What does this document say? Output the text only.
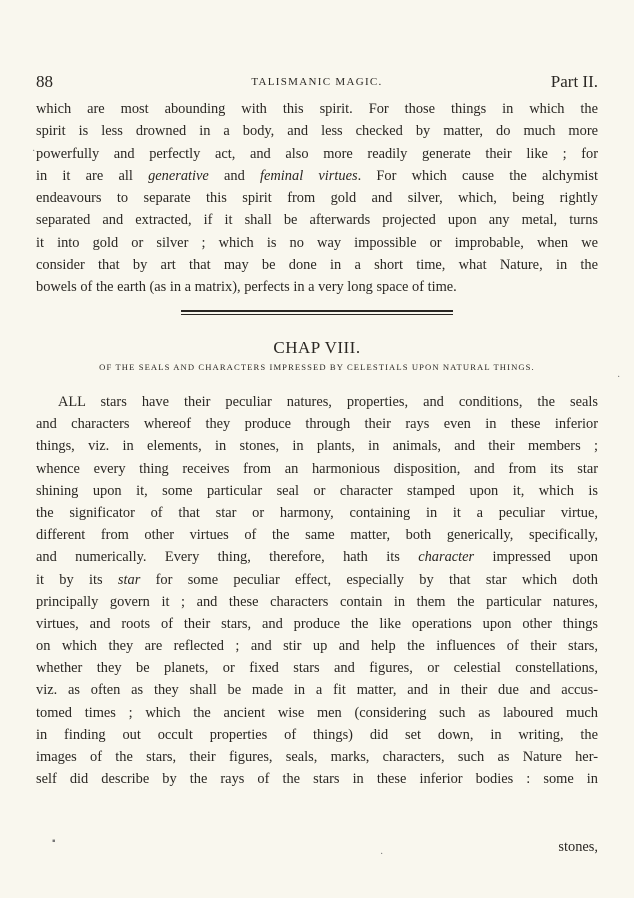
88	TALISMANIC MAGIC.	Part II.
which are most abounding with this spirit. For those things in which the
spirit is less drowned in a body, and less checked by matter, do much more
powerfully and perfectly act, and also more readily generate their like ; for
in it are all generative and feminal virtues. For which cause the alchymist
endeavours to separate this spirit from gold and silver, which, being rightly
separated and extracted, if it shall be afterwards projected upon any metal, turns
it into gold or silver ; which is no way impossible or improbable, when we
consider that by art that may be done in a short time, what Nature, in the
bowels of the earth (as in a matrix), perfects in a very long space of time.
CHAP VIII.
OF THE SEALS AND CHARACTERS IMPRESSED BY CELESTIALS UPON NATURAL THINGS.
ALL stars have their peculiar natures, properties, and conditions, the seals
and characters whereof they produce through their rays even in these inferior
things, viz. in elements, in stones, in plants, in animals, and their members ;
whence every thing receives from an harmonious disposition, and from its star
shining upon it, some particular seal or character stamped upon it, which is
the significator of that star or harmony, containing in it a peculiar virtue,
different from other virtues of the same matter, both generically, specifically,
and numerically. Every thing, therefore, hath its character impressed upon
it by its star for some peculiar effect, especially by that star which doth
principally govern it ; and these characters contain in them the particular natures,
virtues, and roots of their stars, and produce the like operations upon other things
on which they are reflected ; and stir up and help the influences of their stars,
whether they be planets, or fixed stars and figures, or celestial constellations,
viz. as often as they shall be made in a fit matter, and in their due and accus-
tomed times ; which the ancient wise men (considering such as laboured much
in finding out occult properties of things) did set down, in writing, the
images of the stars, their figures, seals, marks, characters, such as Nature her-
self did describe by the rays of the stars in these inferior bodies : some in
stones,
·
·
▪
·
